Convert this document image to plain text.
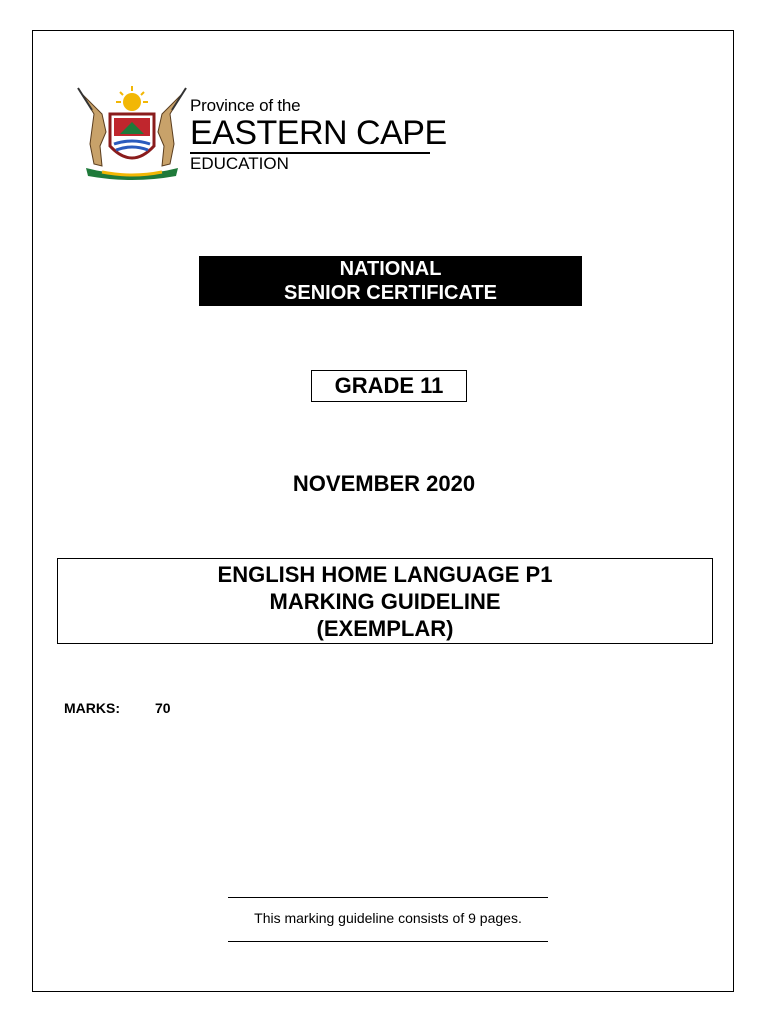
Province of the
EASTERN CAPE
EDUCATION
NATIONAL
SENIOR CERTIFICATE
GRADE 11
NOVEMBER 2020
ENGLISH HOME LANGUAGE P1
MARKING GUIDELINE
(EXEMPLAR)
MARKS:	70
This marking guideline consists of 9 pages.
